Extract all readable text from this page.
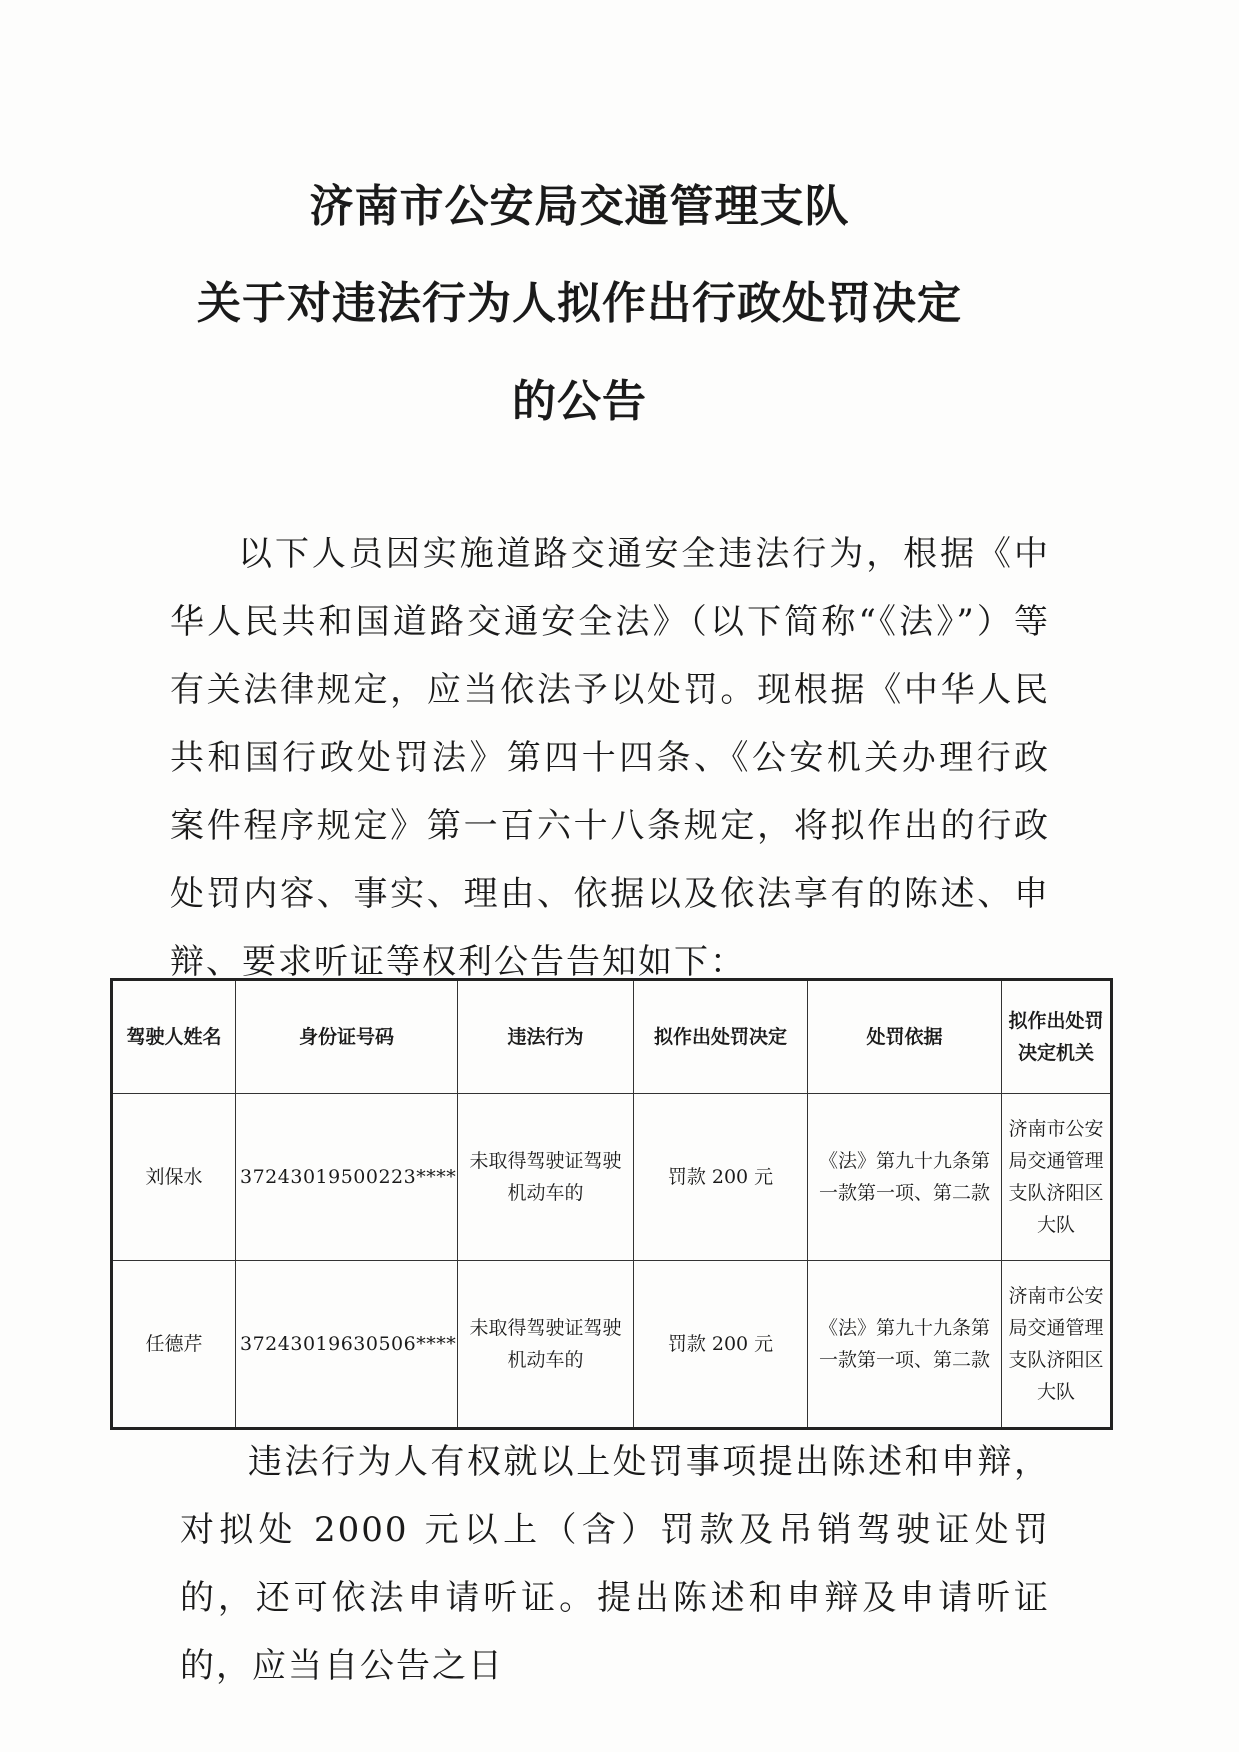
济南市公安局交通管理支队
关于对违法行为人拟作出行政处罚决定
的公告
以下人员因实施道路交通安全违法行为，根据《中华人民共和国道路交通安全法》（以下简称“《法》”）等有关法律规定，应当依法予以处罚。现根据《中华人民共和国行政处罚法》第四十四条、《公安机关办理行政案件程序规定》第一百六十八条规定，将拟作出的行政处罚内容、事实、理由、依据以及依法享有的陈述、申辩、要求听证等权利公告告知如下：
驾驶人姓名	身份证号码	违法行为	拟作出处罚决定	处罚依据	拟作出处罚决定机关
刘保水	37243019500223****	未取得驾驶证驾驶机动车的	罚款 200 元	《法》第九十九条第一款第一项、第二款	济南市公安局交通管理支队济阳区大队
任德芹	37243019630506****	未取得驾驶证驾驶机动车的	罚款 200 元	《法》第九十九条第一款第一项、第二款	济南市公安局交通管理支队济阳区大队
违法行为人有权就以上处罚事项提出陈述和申辩，对拟处 2000 元以上（含）罚款及吊销驾驶证处罚的，还可依法申请听证。提出陈述和申辩及申请听证的，应当自公告之日
